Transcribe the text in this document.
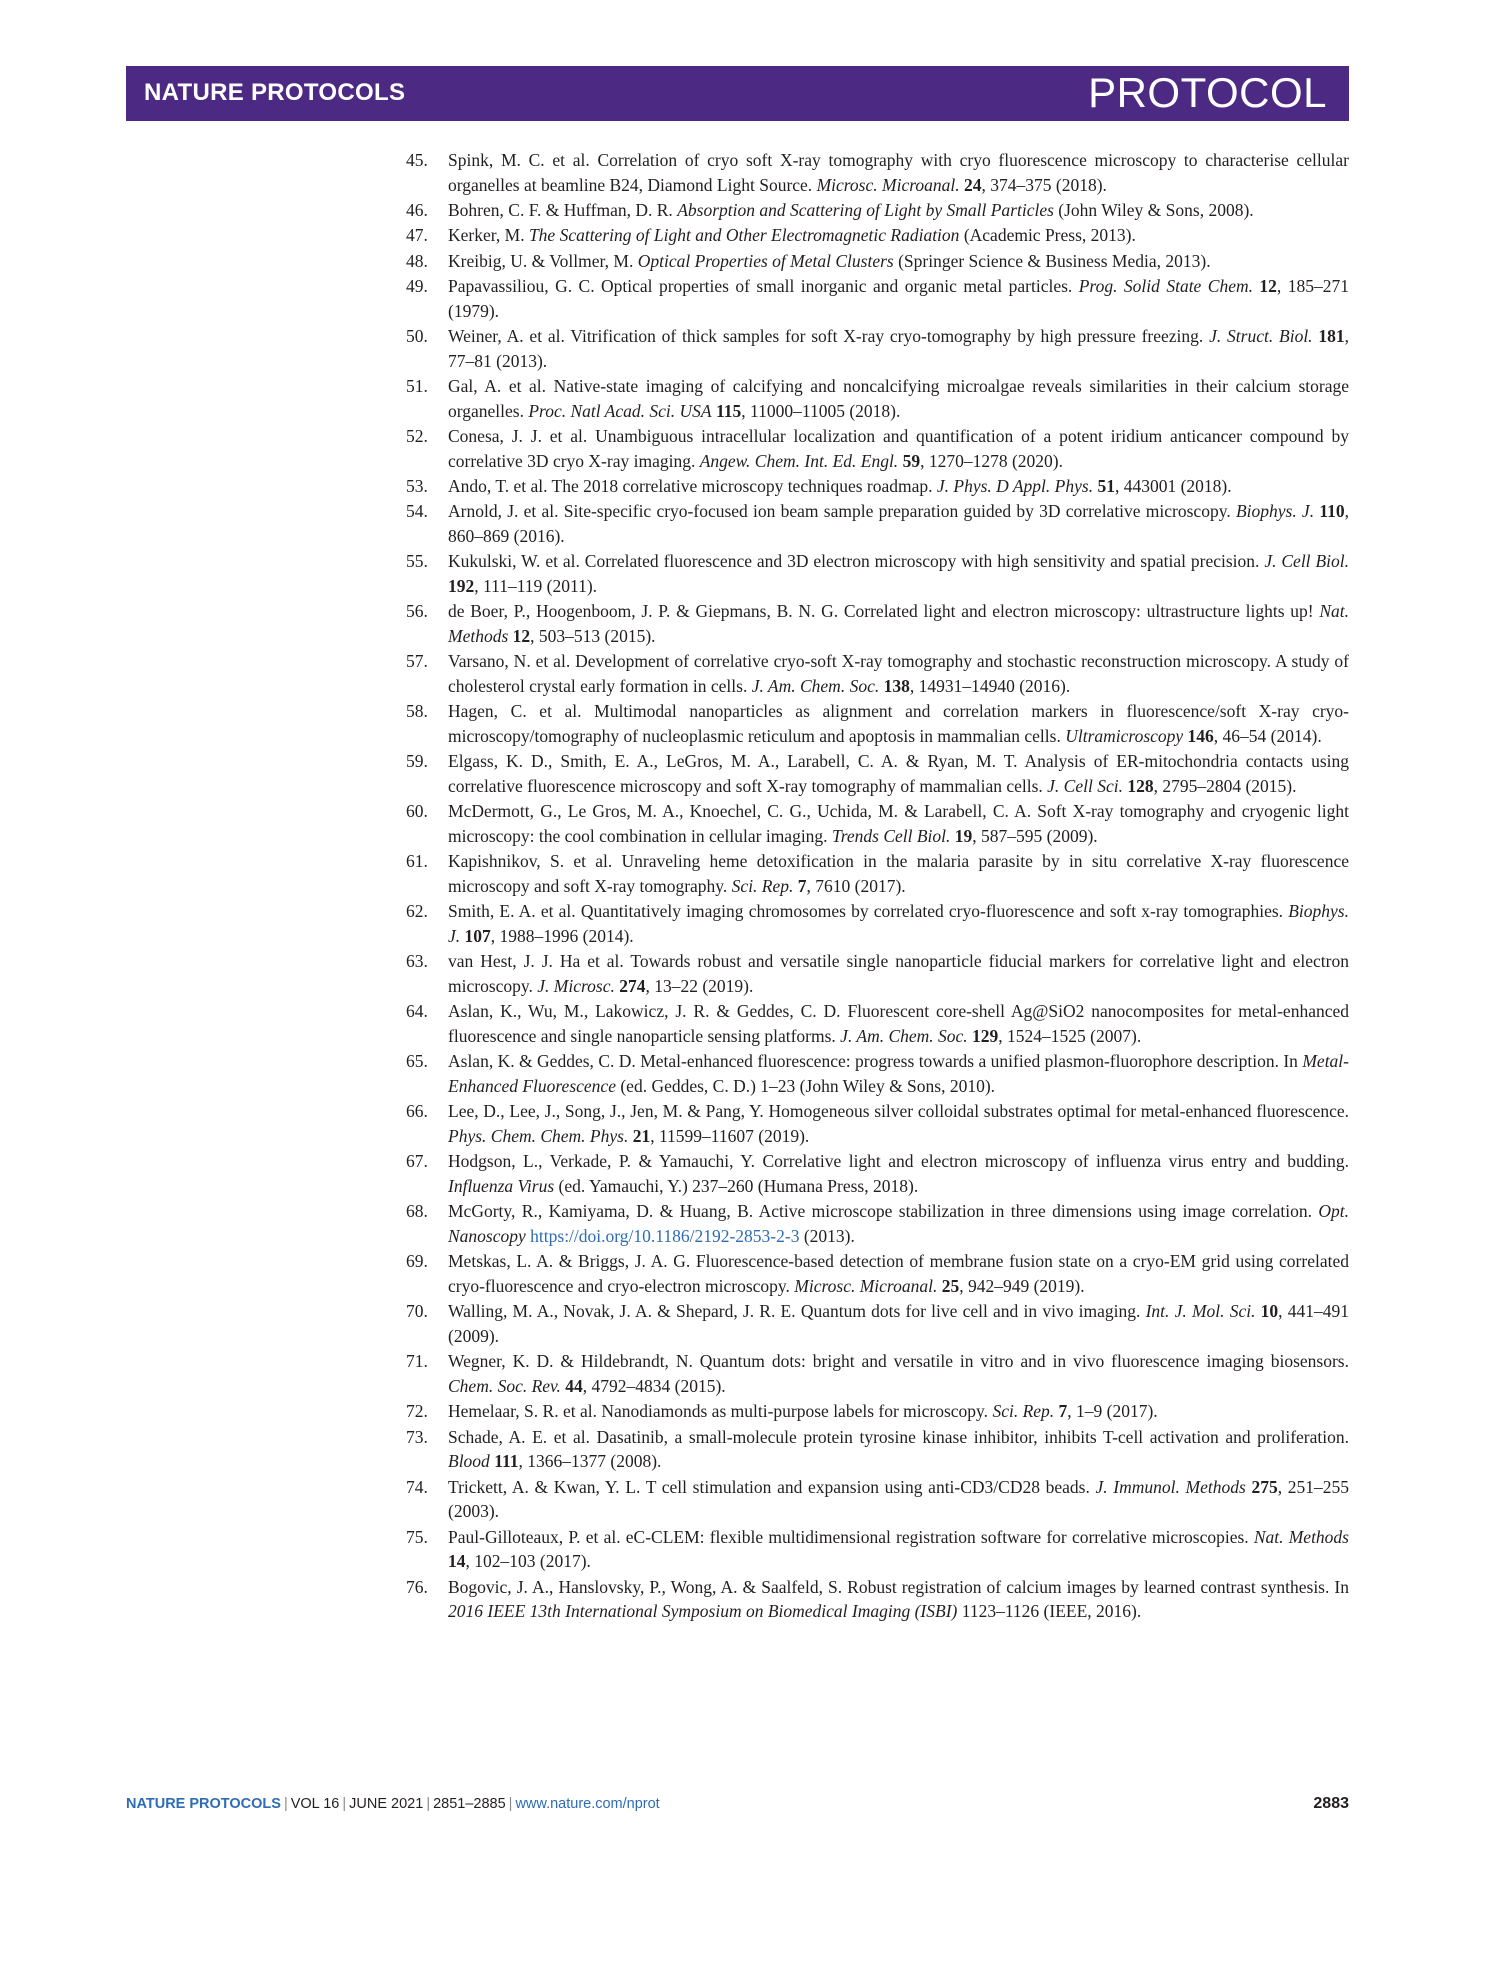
NATURE PROTOCOLS	PROTOCOL
45. Spink, M. C. et al. Correlation of cryo soft X-ray tomography with cryo fluorescence microscopy to characterise cellular organelles at beamline B24, Diamond Light Source. Microsc. Microanal. 24, 374–375 (2018).
46. Bohren, C. F. & Huffman, D. R. Absorption and Scattering of Light by Small Particles (John Wiley & Sons, 2008).
47. Kerker, M. The Scattering of Light and Other Electromagnetic Radiation (Academic Press, 2013).
48. Kreibig, U. & Vollmer, M. Optical Properties of Metal Clusters (Springer Science & Business Media, 2013).
49. Papavassiliou, G. C. Optical properties of small inorganic and organic metal particles. Prog. Solid State Chem. 12, 185–271 (1979).
50. Weiner, A. et al. Vitrification of thick samples for soft X-ray cryo-tomography by high pressure freezing. J. Struct. Biol. 181, 77–81 (2013).
51. Gal, A. et al. Native-state imaging of calcifying and noncalcifying microalgae reveals similarities in their calcium storage organelles. Proc. Natl Acad. Sci. USA 115, 11000–11005 (2018).
52. Conesa, J. J. et al. Unambiguous intracellular localization and quantification of a potent iridium anticancer compound by correlative 3D cryo X-ray imaging. Angew. Chem. Int. Ed. Engl. 59, 1270–1278 (2020).
53. Ando, T. et al. The 2018 correlative microscopy techniques roadmap. J. Phys. D Appl. Phys. 51, 443001 (2018).
54. Arnold, J. et al. Site-specific cryo-focused ion beam sample preparation guided by 3D correlative microscopy. Biophys. J. 110, 860–869 (2016).
55. Kukulski, W. et al. Correlated fluorescence and 3D electron microscopy with high sensitivity and spatial precision. J. Cell Biol. 192, 111–119 (2011).
56. de Boer, P., Hoogenboom, J. P. & Giepmans, B. N. G. Correlated light and electron microscopy: ultrastructure lights up! Nat. Methods 12, 503–513 (2015).
57. Varsano, N. et al. Development of correlative cryo-soft X-ray tomography and stochastic reconstruction microscopy. A study of cholesterol crystal early formation in cells. J. Am. Chem. Soc. 138, 14931–14940 (2016).
58. Hagen, C. et al. Multimodal nanoparticles as alignment and correlation markers in fluorescence/soft X-ray cryo-microscopy/tomography of nucleoplasmic reticulum and apoptosis in mammalian cells. Ultramicroscopy 146, 46–54 (2014).
59. Elgass, K. D., Smith, E. A., LeGros, M. A., Larabell, C. A. & Ryan, M. T. Analysis of ER-mitochondria contacts using correlative fluorescence microscopy and soft X-ray tomography of mammalian cells. J. Cell Sci. 128, 2795–2804 (2015).
60. McDermott, G., Le Gros, M. A., Knoechel, C. G., Uchida, M. & Larabell, C. A. Soft X-ray tomography and cryogenic light microscopy: the cool combination in cellular imaging. Trends Cell Biol. 19, 587–595 (2009).
61. Kapishnikov, S. et al. Unraveling heme detoxification in the malaria parasite by in situ correlative X-ray fluorescence microscopy and soft X-ray tomography. Sci. Rep. 7, 7610 (2017).
62. Smith, E. A. et al. Quantitatively imaging chromosomes by correlated cryo-fluorescence and soft x-ray tomographies. Biophys. J. 107, 1988–1996 (2014).
63. van Hest, J. J. Ha et al. Towards robust and versatile single nanoparticle fiducial markers for correlative light and electron microscopy. J. Microsc. 274, 13–22 (2019).
64. Aslan, K., Wu, M., Lakowicz, J. R. & Geddes, C. D. Fluorescent core-shell Ag@SiO2 nanocomposites for metal-enhanced fluorescence and single nanoparticle sensing platforms. J. Am. Chem. Soc. 129, 1524–1525 (2007).
65. Aslan, K. & Geddes, C. D. Metal-enhanced fluorescence: progress towards a unified plasmon-fluorophore description. In Metal-Enhanced Fluorescence (ed. Geddes, C. D.) 1–23 (John Wiley & Sons, 2010).
66. Lee, D., Lee, J., Song, J., Jen, M. & Pang, Y. Homogeneous silver colloidal substrates optimal for metal-enhanced fluorescence. Phys. Chem. Chem. Phys. 21, 11599–11607 (2019).
67. Hodgson, L., Verkade, P. & Yamauchi, Y. Correlative light and electron microscopy of influenza virus entry and budding. Influenza Virus (ed. Yamauchi, Y.) 237–260 (Humana Press, 2018).
68. McGorty, R., Kamiyama, D. & Huang, B. Active microscope stabilization in three dimensions using image correlation. Opt. Nanoscopy https://doi.org/10.1186/2192-2853-2-3 (2013).
69. Metskas, L. A. & Briggs, J. A. G. Fluorescence-based detection of membrane fusion state on a cryo-EM grid using correlated cryo-fluorescence and cryo-electron microscopy. Microsc. Microanal. 25, 942–949 (2019).
70. Walling, M. A., Novak, J. A. & Shepard, J. R. E. Quantum dots for live cell and in vivo imaging. Int. J. Mol. Sci. 10, 441–491 (2009).
71. Wegner, K. D. & Hildebrandt, N. Quantum dots: bright and versatile in vitro and in vivo fluorescence imaging biosensors. Chem. Soc. Rev. 44, 4792–4834 (2015).
72. Hemelaar, S. R. et al. Nanodiamonds as multi-purpose labels for microscopy. Sci. Rep. 7, 1–9 (2017).
73. Schade, A. E. et al. Dasatinib, a small-molecule protein tyrosine kinase inhibitor, inhibits T-cell activation and proliferation. Blood 111, 1366–1377 (2008).
74. Trickett, A. & Kwan, Y. L. T cell stimulation and expansion using anti-CD3/CD28 beads. J. Immunol. Methods 275, 251–255 (2003).
75. Paul-Gilloteaux, P. et al. eC-CLEM: flexible multidimensional registration software for correlative microscopies. Nat. Methods 14, 102–103 (2017).
76. Bogovic, J. A., Hanslovsky, P., Wong, A. & Saalfeld, S. Robust registration of calcium images by learned contrast synthesis. In 2016 IEEE 13th International Symposium on Biomedical Imaging (ISBI) 1123–1126 (IEEE, 2016).
NATURE PROTOCOLS | VOL 16 | JUNE 2021 | 2851–2885 | www.nature.com/nprot	2883
